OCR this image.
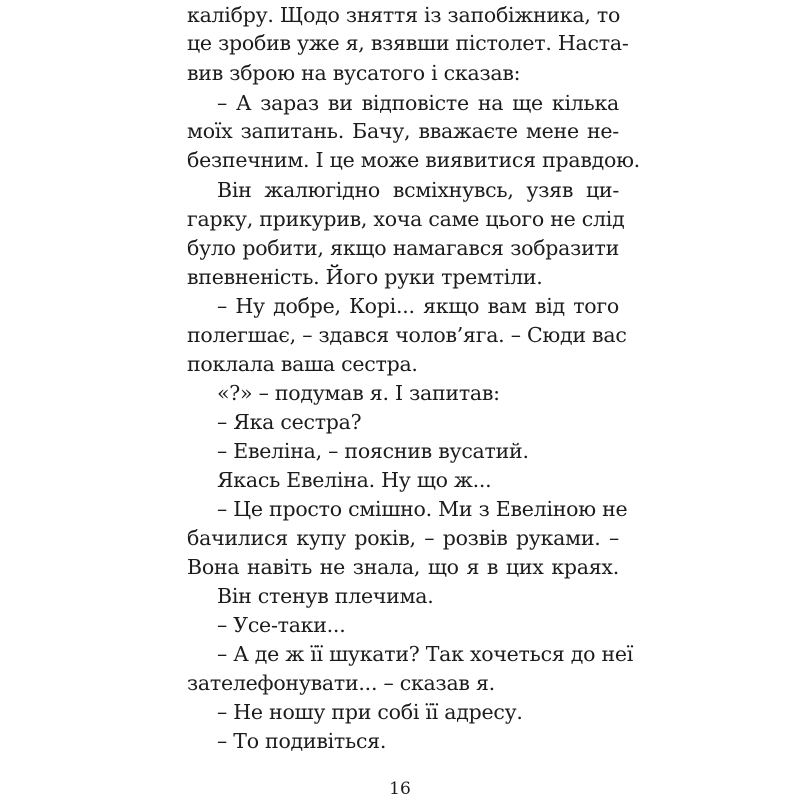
калібру. Щодо зняття із запобіжника, то
це зробив уже я, взявши пістолет. Наста-
вив зброю на вусатого і сказав:
– А зараз ви відповісте на ще кілька
моїх запитань. Бачу, вважаєте мене не-
безпечним. І це може виявитися правдою.
Він жалюгідно всміхнувсь, узяв ци-
гарку, прикурив, хоча саме цього не слід
було робити, якщо намагався зобразити
впевненість. Його руки тремтіли.
– Ну добре, Корі... якщо вам від того
полегшає, – здався чолов’яга. – Сюди вас
поклала ваша сестра.
«?» – подумав я. І запитав:
– Яка сестра?
– Евеліна, – пояснив вусатий.
Якась Евеліна. Ну що ж...
– Це просто смішно. Ми з Евеліною не
бачилися купу років, – розвів руками. –
Вона навіть не знала, що я в цих краях.
Він стенув плечима.
– Усе-таки...
– А де ж її шукати? Так хочеться до неї
зателефонувати... – сказав я.
– Не ношу при собі її адресу.
– То подивіться.
16
